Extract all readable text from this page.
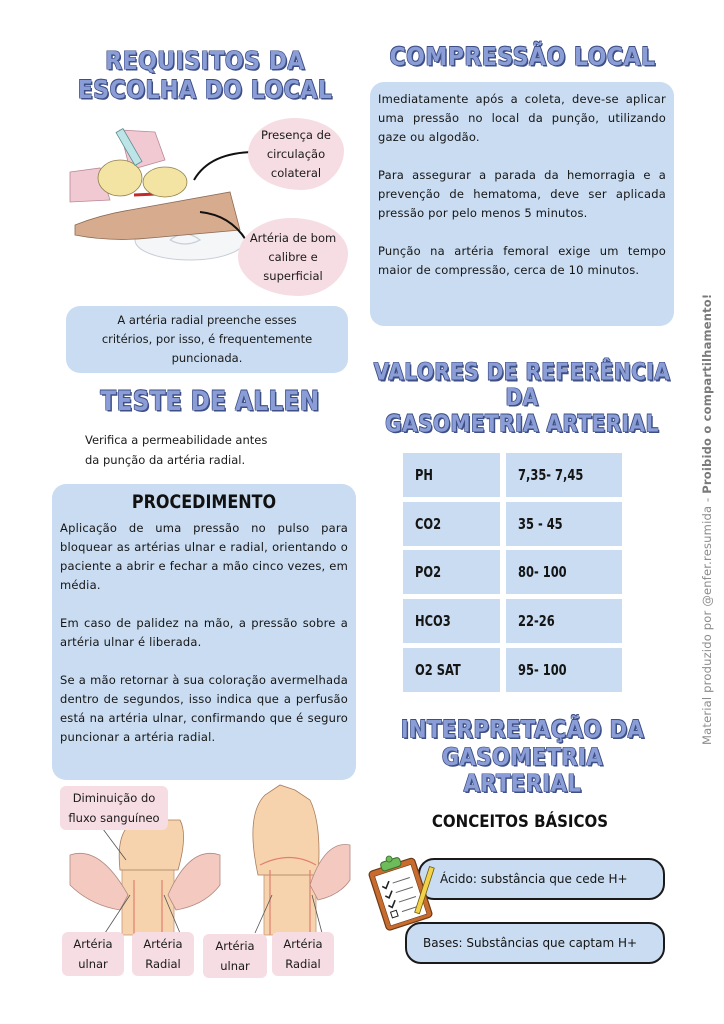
REQUISITOS DA
ESCOLHA DO LOCAL
Presença de
circulação
colateral
Artéria de bom
calibre e
superficial
A artéria radial preenche esses
critérios, por isso, é frequentemente
puncionada.
TESTE DE ALLEN
Verifica a permeabilidade antes
da punção da artéria radial.
PROCEDIMENTO

Aplicação de uma pressão no pulso para bloquear as artérias ulnar e radial, orientando o paciente a abrir e fechar a mão cinco vezes, em média.

Em caso de palidez na mão, a pressão sobre a artéria ulnar é liberada.

Se a mão retornar à sua coloração avermelhada dentro de segundos, isso indica que a perfusão está na artéria ulnar, confirmando que é seguro puncionar a artéria radial.

Diminuição do
fluxo sanguíneo
Artéria
ulnar
Artéria
Radial
Artéria
ulnar
Artéria
Radial
COMPRESSÃO LOCAL

Imediatamente após a coleta, deve-se aplicar uma pressão no local da punção, utilizando gaze ou algodão.

Para assegurar a parada da hemorragia e a prevenção de hematoma, deve ser aplicada pressão por pelo menos 5 minutos.

Punção na artéria femoral exige um tempo maior de compressão, cerca de 10 minutos.

VALORES DE REFERÊNCIA DA
GASOMETRIA ARTERIAL
PH	7,35- 7,45
CO2	35 - 45
PO2	80- 100
HCO3	22-26
O2 SAT	95- 100
INTERPRETAÇÃO DA
GASOMETRIA ARTERIAL
CONCEITOS BÁSICOS
Ácido: substância que cede H+
Bases: Substâncias que captam H+
Material produzido por @enfer.resumida - Proibido o compartilhamento!
